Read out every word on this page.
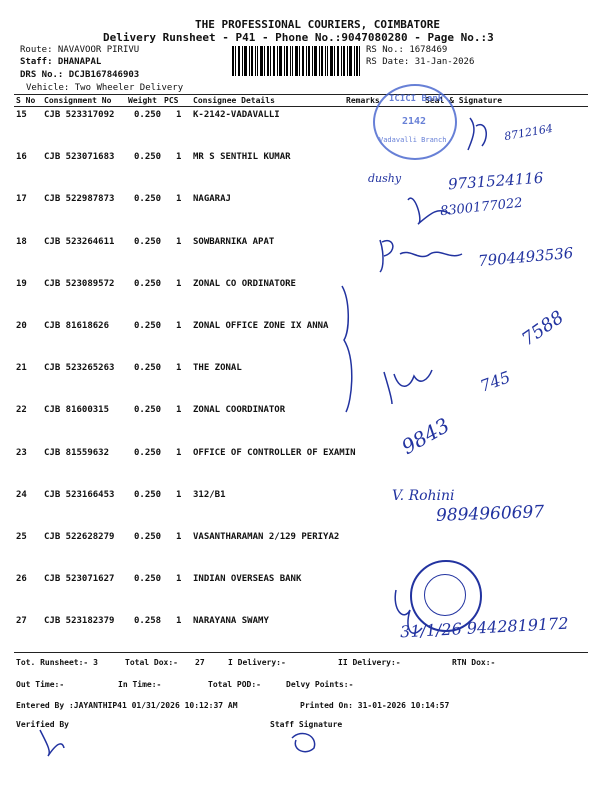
THE PROFESSIONAL COURIERS, COIMBATORE
Delivery Runsheet - P41 - Phone No.:9047080280 - Page No.:3
Route: NAVAVOOR PIRIVU
Staff: DHANAPAL
DRS No.: DCJB167846903
Vehicle: Two Wheeler Delivery
RS No.: 1678469
RS Date: 31-Jan-2026
S No Consignment No Weight PCS Consignee Details	Remarks	Seal & Signature
15 CJB 523317092 0.250 1 K-2142-VADAVALLI
16 CJB 523071683 0.250 1 MR S SENTHIL KUMAR
17 CJB 522987873 0.250 1 NAGARAJ
18 CJB 523264611 0.250 1 SOWBARNIKA APAT
19 CJB 523089572 0.250 1 ZONAL CO ORDINATORE
20 CJB 81618626	0.250 1 ZONAL OFFICE ZONE IX ANNA
21 CJB 523265263 0.250 1 THE ZONAL
22 CJB 81600315	0.250 1 ZONAL COORDINATOR
23 CJB 81559632	0.250 1 OFFICE OF CONTROLLER OF EXAMIN
24 CJB 523166453 0.250 1 312/B1
25 CJB 522628279 0.250 1 VASANTHARAMAN 2/129 PERIYA2
26 CJB 523071627 0.250 1 INDIAN OVERSEAS BANK
27 CJB 523182379 0.258 1 NARAYANA SWAMY
ICICI Bank
2142
Vadavalli Branch	8712164
dushy	9731524116
8300177022
7904493536
7588
9843
745
V. Rohini
9894960697
31/1/26 9442819172
Tot. Runsheet:- 3	Total Dox:- 27	I Delivery:-	II Delivery:-	RTN Dox:-
Out Time:-	In Time:-	Total POD:-	Delvy Points:-
Entered By :JAYANTHIP41 01/31/2026 10:12:37 AM	Printed On: 31-01-2026 10:14:57
Verified By	Staff Signature
